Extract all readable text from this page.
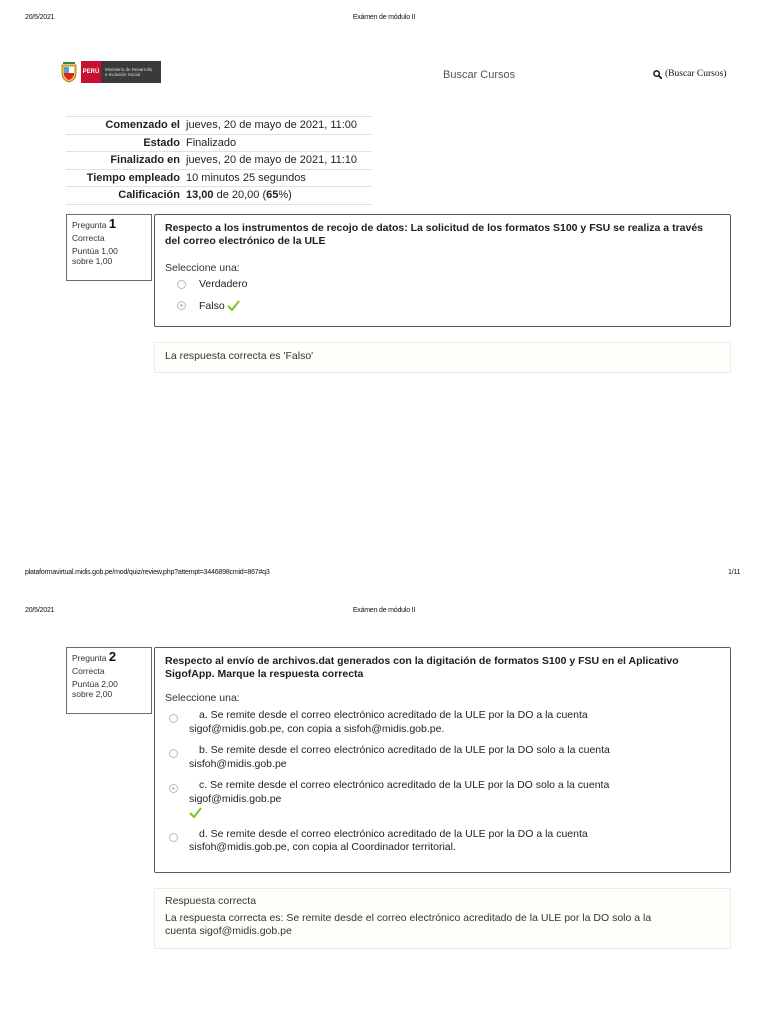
20/5/2021	Exámen de módulo II
PERÚ	Ministerio de Desarrollo
e Inclusión Social	Buscar Cursos	(Buscar Cursos)
Comenzado el	jueves, 20 de mayo de 2021, 11:00
Estado	Finalizado
Finalizado en	jueves, 20 de mayo de 2021, 11:10
Tiempo empleado	10 minutos 25 segundos
Calificación	13,00 de 20,00 (65%)
Pregunta 1
Correcta
Puntúa 1,00
sobre 1,00
Respecto a los instrumentos de recojo de datos: La solicitud de los formatos S100 y FSU se realiza a través del correo electrónico de la ULE
Seleccione una:
Verdadero
Falso
La respuesta correcta es 'Falso'
plataformavirtual.midis.gob.pe/mod/quiz/review.php?attempt=3446898cmid=867#q3	1/11
20/5/2021	Exámen de módulo II
Pregunta 2
Correcta
Puntúa 2,00
sobre 2,00
Respecto al envío de archivos.dat generados con la digitación de formatos S100 y FSU en el Aplicativo SigofApp. Marque la respuesta correcta
Seleccione una:
a. Se remite desde el correo electrónico acreditado de la ULE por la DO a la cuenta
sigof@midis.gob.pe, con copia a sisfoh@midis.gob.pe.
b. Se remite desde el correo electrónico acreditado de la ULE por la DO solo a la cuenta
sisfoh@midis.gob.pe
c. Se remite desde el correo electrónico acreditado de la ULE por la DO solo a la cuenta
sigof@midis.gob.pe
d. Se remite desde el correo electrónico acreditado de la ULE por la DO a la cuenta
sisfoh@midis.gob.pe, con copia al Coordinador territorial.
Respuesta correcta
La respuesta correcta es: Se remite desde el correo electrónico acreditado de la ULE por la DO solo a la
cuenta sigof@midis.gob.pe
